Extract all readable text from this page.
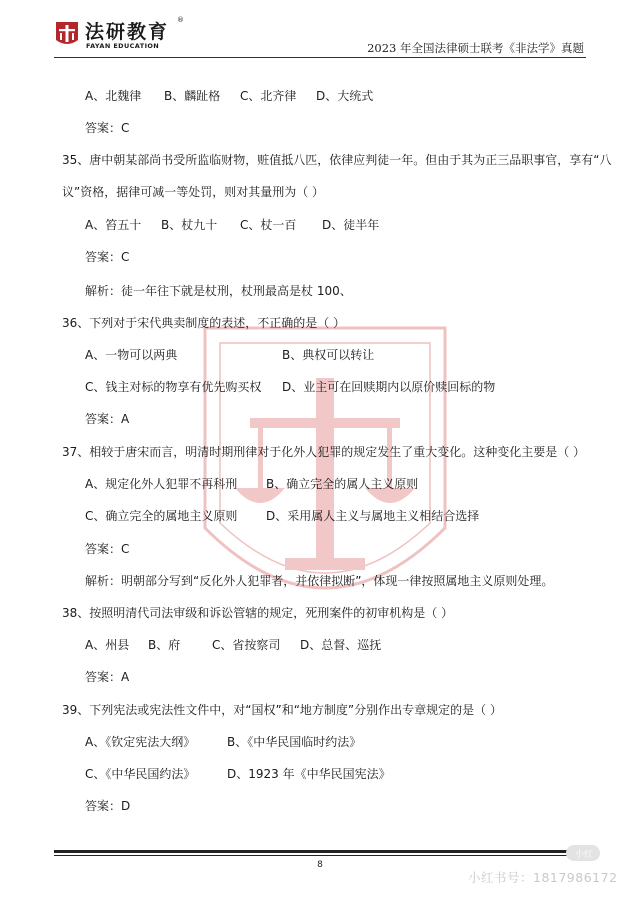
法研教育
®
FAYAN EDUCATION	2023 年全国法律硕士联考《非法学》真题
A、北魏律 B、麟趾格 C、北齐律 D、大统式
答案：C
35、唐中朝某部尚书受所监临财物，赃值抵八匹，依律应判徒一年。但由于其为正三品职事官，享有“八
议”资格，据律可减一等处罚，则对其量刑为（ ）
A、笞五十 B、杖九十 C、杖一百 D、徒半年
答案：C
解析：徒一年往下就是杖刑，杖刑最高是杖 100、
36、下列对于宋代典卖制度的表述，不正确的是（ ）
A、一物可以两典	B、典权可以转让
C、钱主对标的物享有优先购买权 D、业主可在回赎期内以原价赎回标的物
答案：A
37、相较于唐宋而言，明清时期刑律对于化外人犯罪的规定发生了重大变化。这种变化主要是（ ）
A、规定化外人犯罪不再科刑 B、确立完全的属人主义原则
C、确立完全的属地主义原则 D、采用属人主义与属地主义相结合选择
答案：C
解析：明朝部分写到“反化外人犯罪者，并依律拟断”，体现一律按照属地主义原则处理。
38、按照明清代司法审级和诉讼管辖的规定，死刑案件的初审机构是（ ）
A、州县 B、府	C、省按察司 D、总督、巡抚
答案：A
39、下列宪法或宪法性文件中，对“国权”和“地方制度”分别作出专章规定的是（ ）
A、《钦定宪法大纲》	B、《中华民国临时约法》
C、《中华民国约法》	D、1923 年《中华民国宪法》
答案：D
8
小红
小红书号：1817986172
